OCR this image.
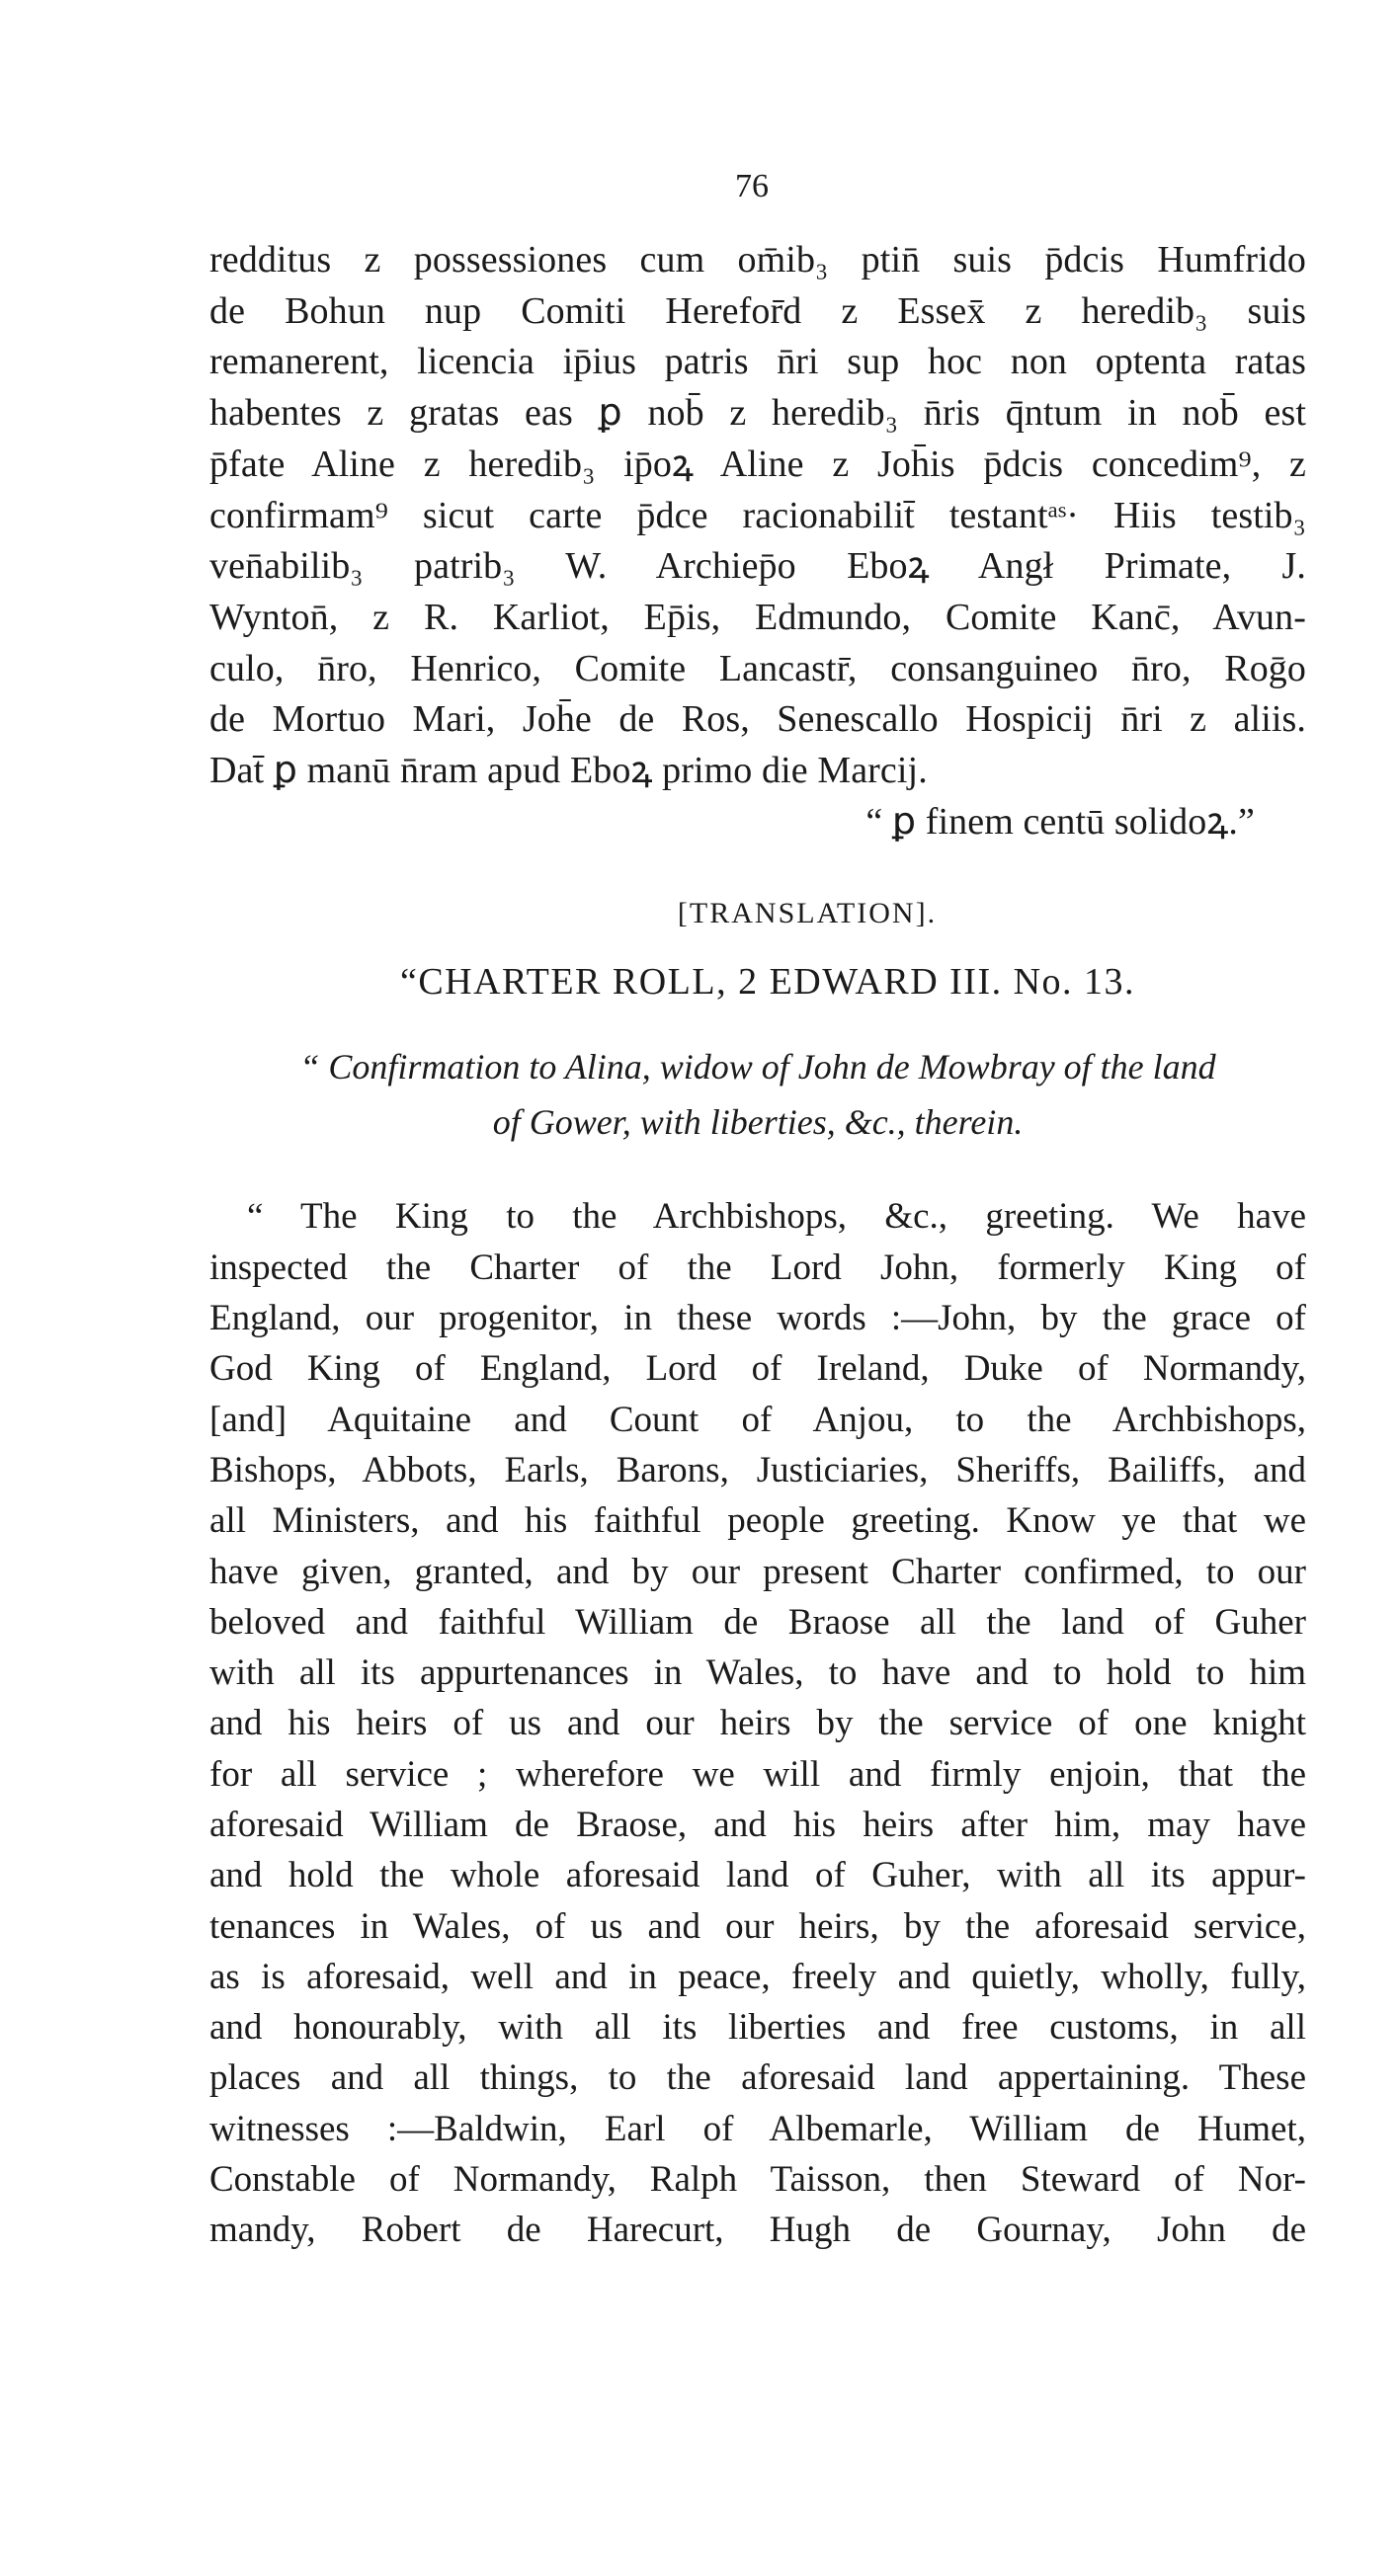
76

redditus z possessiones cum om̄ib₃ ptin̄ suis p̄dcis Humfrido

de Bohun nup Comiti Herefor̄d z Essex̄ z heredib₃ suis

remanerent, licencia ip̄ius patris n̄ri sup hoc non optenta ratas

habentes z gratas eas ꝑ nob̄ z heredib₃ n̄ris q̄ntum in nob̄ est

p̄fate Aline z heredib₃ ip̄oꝝ Aline z Joh̄is p̄dcis concedim⁹, z

confirmam⁹ sicut carte p̄dce racionabilit̄ testantᵃˢ· Hiis testib₃

ven̄abilib₃ patrib₃ W. Archiep̄o Eboꝝ Angł Primate, J.

Wynton̄, z R. Karliot, Ep̄is, Edmundo, Comite Kanc̄, Avun-

culo, n̄ro, Henrico, Comite Lancastr̄, consanguineo n̄ro, Roḡo

de Mortuo Mari, Joh̄e de Ros, Senescallo Hospicij n̄ri z aliis.

Dat̄ ꝑ manū n̄ram apud Eboꝝ primo die Marcij.

“ ꝑ finem centū solidoꝝ.”

[TRANSLATION].
“CHARTER ROLL, 2 EDWARD III. No. 13.
“ Confirmation to Alina, widow of John de Mowbray of the land
of Gower, with liberties, &c., therein.

“ The King to the Archbishops, &c., greeting. We have

inspected the Charter of the Lord John, formerly King of

England, our progenitor, in these words :—John, by the grace of

God King of England, Lord of Ireland, Duke of Normandy,

[and] Aquitaine and Count of Anjou, to the Archbishops,

Bishops, Abbots, Earls, Barons, Justiciaries, Sheriffs, Bailiffs, and

all Ministers, and his faithful people greeting. Know ye that we

have given, granted, and by our present Charter confirmed, to our

beloved and faithful William de Braose all the land of Guher

with all its appurtenances in Wales, to have and to hold to him

and his heirs of us and our heirs by the service of one knight

for all service ; wherefore we will and firmly enjoin, that the

aforesaid William de Braose, and his heirs after him, may have

and hold the whole aforesaid land of Guher, with all its appur-

tenances in Wales, of us and our heirs, by the aforesaid service,

as is aforesaid, well and in peace, freely and quietly, wholly, fully,

and honourably, with all its liberties and free customs, in all

places and all things, to the aforesaid land appertaining. These

witnesses :—Baldwin, Earl of Albemarle, William de Humet,

Constable of Normandy, Ralph Taisson, then Steward of Nor-

mandy, Robert de Harecurt, Hugh de Gournay, John de
